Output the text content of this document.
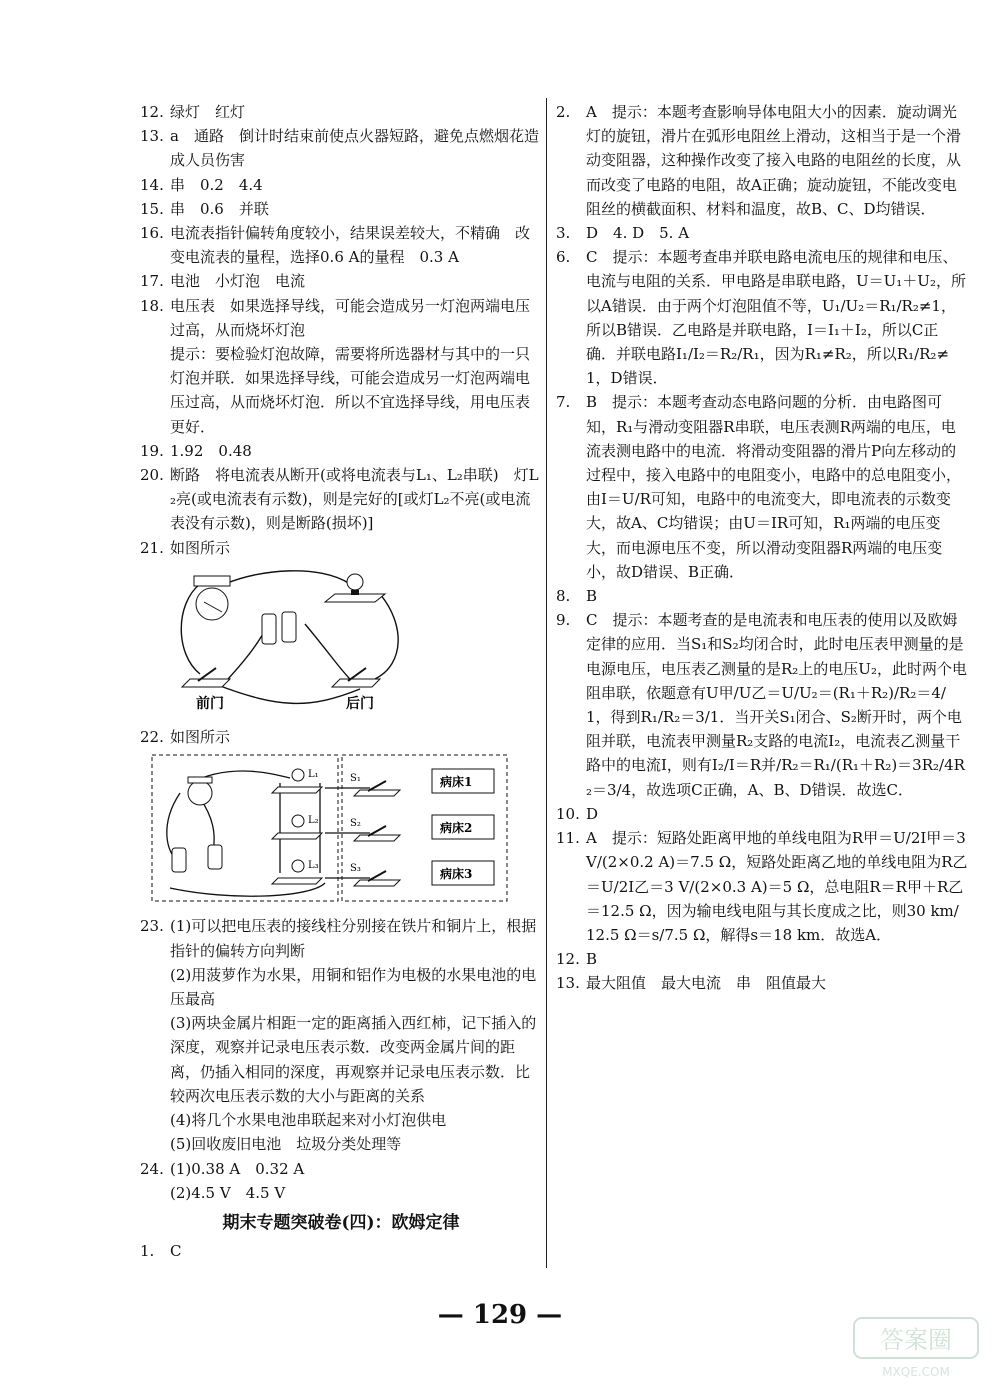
12. 绿灯　红灯
13. a　通路　倒计时结束前使点火器短路，避免点燃烟花造成人员伤害
14. 串　0.2　4.4
15. 串　0.6　并联
16. 电流表指针偏转角度较小，结果误差较大，不精确　改变电流表的量程，选择0.6 A的量程　0.3 A
17. 电池　小灯泡　电流
18. 电压表　如果选择导线，可能会造成另一灯泡两端电压过高，从而烧坏灯泡
提示：要检验灯泡故障，需要将所选器材与其中的一只灯泡并联．如果选择导线，可能会造成另一灯泡两端电压过高，从而烧坏灯泡．所以不宜选择导线，用电压表更好．
19. 1.92　0.48
20. 断路　将电流表从断开(或将电流表与L₁、L₂串联)　灯L₂亮(或电流表有示数)，则是完好的[或灯L₂不亮(或电流表没有示数)，则是断路(损坏)]
21. 如图所示
前门	后门
22. 如图所示
L₁
L₂
L₃
S₁
S₂
S₃
病床1
病床2
病床3
23. (1)可以把电压表的接线柱分别接在铁片和铜片上，根据指针的偏转方向判断
(2)用菠萝作为水果，用铜和铝作为电极的水果电池的电压最高
(3)两块金属片相距一定的距离插入西红柿，记下插入的深度，观察并记录电压表示数．改变两金属片间的距离，仍插入相同的深度，再观察并记录电压表示数．比较两次电压表示数的大小与距离的关系
(4)将几个水果电池串联起来对小灯泡供电
(5)回收废旧电池　垃圾分类处理等
24. (1)0.38 A　0.32 A
(2)4.5 V　4.5 V
期末专题突破卷(四)：欧姆定律
1.	C
2.	A　提示：本题考查影响导体电阻大小的因素．旋动调光灯的旋钮，滑片在弧形电阻丝上滑动，这相当于是一个滑动变阻器，这种操作改变了接入电路的电阻丝的长度，从而改变了电路的电阻，故A正确；旋动旋钮，不能改变电阻丝的横截面积、材料和温度，故B、C、D均错误．
3.	D　4. D　5. A
6.	C　提示：本题考查串并联电路电流电压的规律和电压、电流与电阻的关系．甲电路是串联电路，U＝U₁＋U₂，所以A错误．由于两个灯泡阻值不等，U₁/U₂＝R₁/R₂≠1，所以B错误．乙电路是并联电路，I＝I₁＋I₂，所以C正确．并联电路I₁/I₂＝R₂/R₁，因为R₁≠R₂，所以R₁/R₂≠1，D错误．
7.	B　提示：本题考查动态电路问题的分析．由电路图可知，R₁与滑动变阻器R串联，电压表测R两端的电压，电流表测电路中的电流．将滑动变阻器的滑片P向左移动的过程中，接入电路中的电阻变小，电路中的总电阻变小，由I＝U/R可知，电路中的电流变大，即电流表的示数变大，故A、C均错误；由U＝IR可知，R₁两端的电压变大，而电源电压不变，所以滑动变阻器R两端的电压变小，故D错误、B正确．
8.	B
9.	C　提示：本题考查的是电流表和电压表的使用以及欧姆定律的应用．当S₁和S₂均闭合时，此时电压表甲测量的是电源电压，电压表乙测量的是R₂上的电压U₂，此时两个电阻串联，依题意有U甲/U乙＝U/U₂＝(R₁＋R₂)/R₂＝4/1，得到R₁/R₂＝3/1．当开关S₁闭合、S₂断开时，两个电阻并联，电流表甲测量R₂支路的电流I₂，电流表乙测量干路中的电流I，则有I₂/I＝R并/R₂＝R₁/(R₁＋R₂)＝3R₂/4R₂＝3/4，故选项C正确，A、B、D错误．故选C．
10. D
11. A　提示：短路处距离甲地的单线电阻为R甲＝U/2I甲＝3 V/(2×0.2 A)＝7.5 Ω，短路处距离乙地的单线电阻为R乙＝U/2I乙＝3 V/(2×0.3 A)＝5 Ω，总电阻R＝R甲＋R乙＝12.5 Ω，因为输电线电阻与其长度成之比，则30 km/12.5 Ω＝s/7.5 Ω，解得s＝18 km．故选A．
12. B
13. 最大阻值　最大电流　串　阻值最大
— 129 —
答案圈
MXQE.COM
